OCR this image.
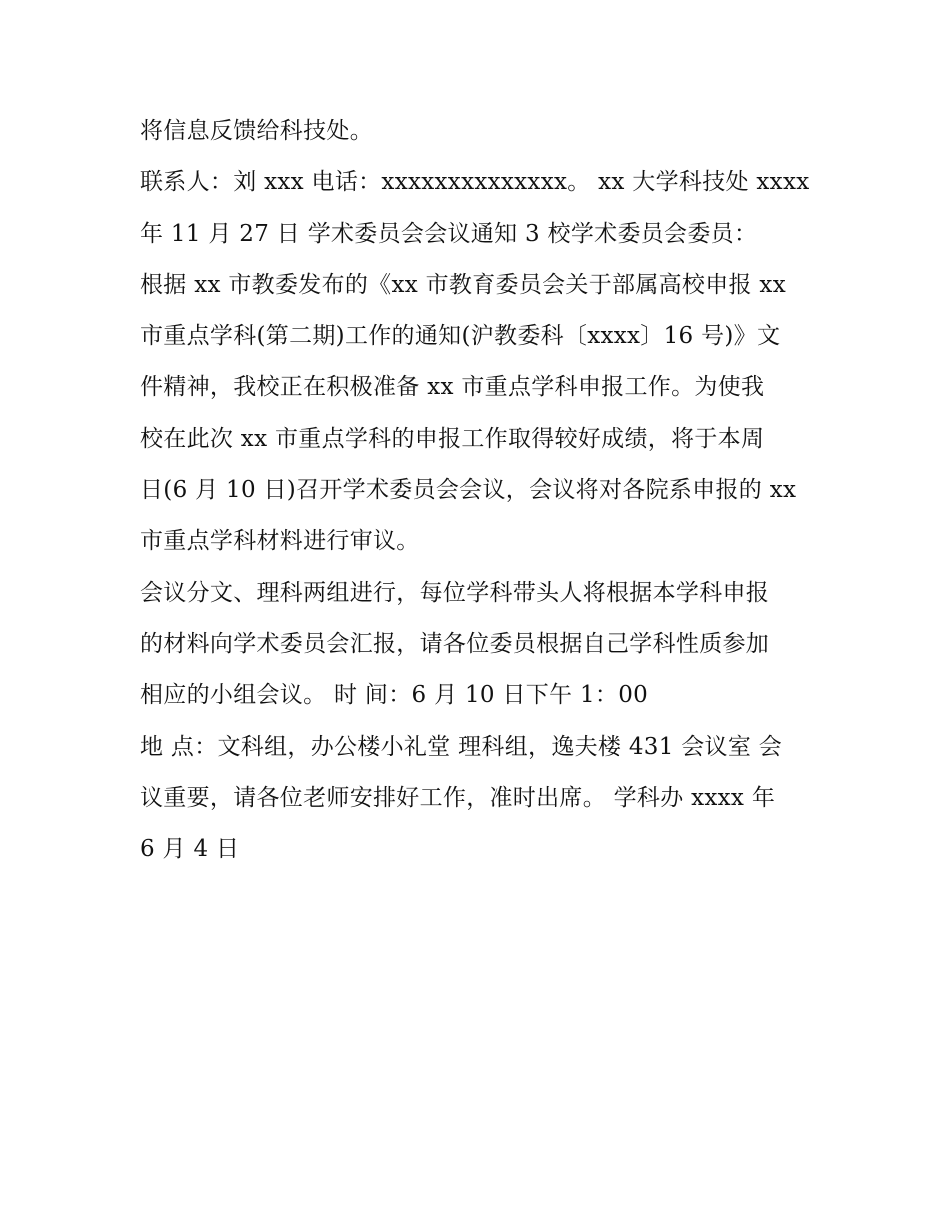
将信息反馈给科技处。
联系人：刘 xxx 电话：xxxxxxxxxxxxxx。 xx 大学科技处 xxxx
年 11 月 27 日 学术委员会会议通知 3 校学术委员会委员：
根据 xx 市教委发布的《xx 市教育委员会关于部属高校申报 xx
市重点学科(第二期)工作的通知(沪教委科〔xxxx〕16 号)》文
件精神，我校正在积极准备 xx 市重点学科申报工作。为使我
校在此次 xx 市重点学科的申报工作取得较好成绩，将于本周
日(6 月 10 日)召开学术委员会会议，会议将对各院系申报的 xx
市重点学科材料进行审议。
会议分文、理科两组进行，每位学科带头人将根据本学科申报
的材料向学术委员会汇报，请各位委员根据自己学科性质参加
相应的小组会议。 时 间：6 月 10 日下午 1：00
地 点：文科组，办公楼小礼堂 理科组，逸夫楼 431 会议室 会
议重要，请各位老师安排好工作，准时出席。 学科办 xxxx 年
6 月 4 日
